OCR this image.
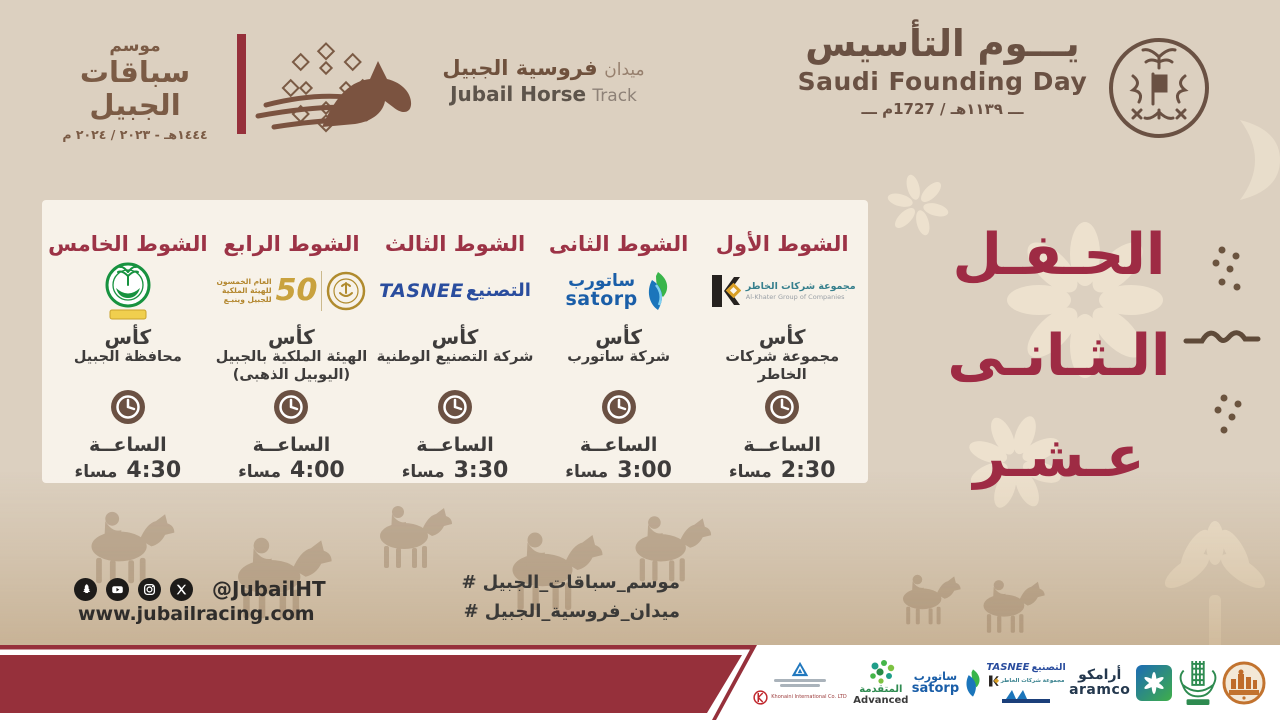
موسم
سباقات الجبيل
١٤٤٤هـ - ٢٠٢٣ / ٢٠٢٤ م
ميدان فروسية الجبيل
Jubail Horse Track
يـــوم التأسيس
Saudi Founding Day
ـــ ١١٣٩هـ / 1727م ـــ
الشوط الأول
مجموعة شركات الخاطر
Al-Khater Group of Companies
كأس
مجموعة شركات الخاطر
الساعــة
2:30
مساء
الشوط الثانى
ساتورب
satorp
كأس
شركة ساتورب
الساعــة
3:00
مساء
الشوط الثالث
TASNEE التصنيع
كأس
شركة التصنيع الوطنية
الساعــة
3:30
مساء
الشوط الرابع
العام الخمسون
للهيئة الملكية
للجبيل وينبـع 50
كأس
الهيئة الملكية بالجبيل
(اليوبيل الذهبى)
الساعــة
4:00
مساء
الشوط الخامس
كأس
محافظة الجبيل
الساعــة
4:30
مساء
الحـفـل
الـثـانـى
عـشـر
@JubailHT
www.jubailracing.com
# موسم_سباقات_الجبيل
# ميدان_فروسية_الجبيل
Khonaini International Co. LTD
المتقدمة
Advanced
ساتورب
satorp
TASNEE التصنيع
مجموعة شركات الخاطر أرامكو
aramco
